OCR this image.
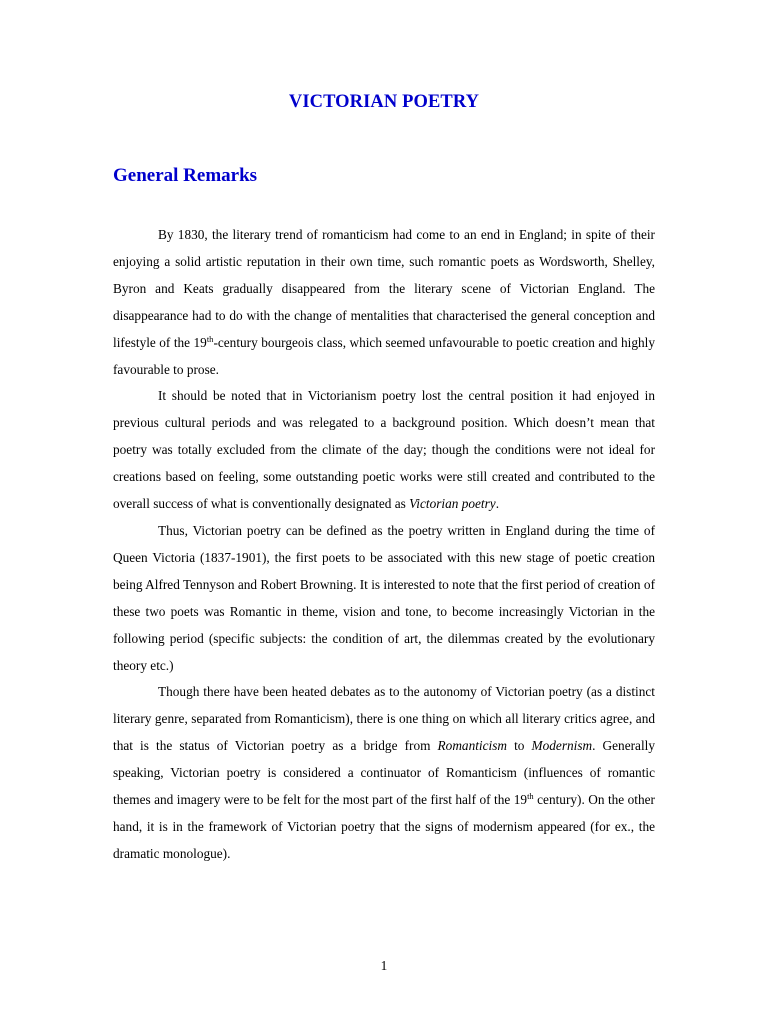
VICTORIAN POETRY
General Remarks

By 1830, the literary trend of romanticism had come to an end in England; in spite of their enjoying a solid artistic reputation in their own time, such romantic poets as Wordsworth, Shelley, Byron and Keats gradually disappeared from the literary scene of Victorian England. The disappearance had to do with the change of mentalities that characterised the general conception and lifestyle of the 19th-century bourgeois class, which seemed unfavourable to poetic creation and highly favourable to prose.

It should be noted that in Victorianism poetry lost the central position it had enjoyed in previous cultural periods and was relegated to a background position. Which doesn’t mean that poetry was totally excluded from the climate of the day; though the conditions were not ideal for creations based on feeling, some outstanding poetic works were still created and contributed to the overall success of what is conventionally designated as Victorian poetry.

Thus, Victorian poetry can be defined as the poetry written in England during the time of Queen Victoria (1837-1901), the first poets to be associated with this new stage of poetic creation being Alfred Tennyson and Robert Browning. It is interested to note that the first period of creation of these two poets was Romantic in theme, vision and tone, to become increasingly Victorian in the following period (specific subjects: the condition of art, the dilemmas created by the evolutionary theory etc.)

Though there have been heated debates as to the autonomy of Victorian poetry (as a distinct literary genre, separated from Romanticism), there is one thing on which all literary critics agree, and that is the status of Victorian poetry as a bridge from Romanticism to Modernism. Generally speaking, Victorian poetry is considered a continuator of Romanticism (influences of romantic themes and imagery were to be felt for the most part of the first half of the 19th century). On the other hand, it is in the framework of Victorian poetry that the signs of modernism appeared (for ex., the dramatic monologue).

1
